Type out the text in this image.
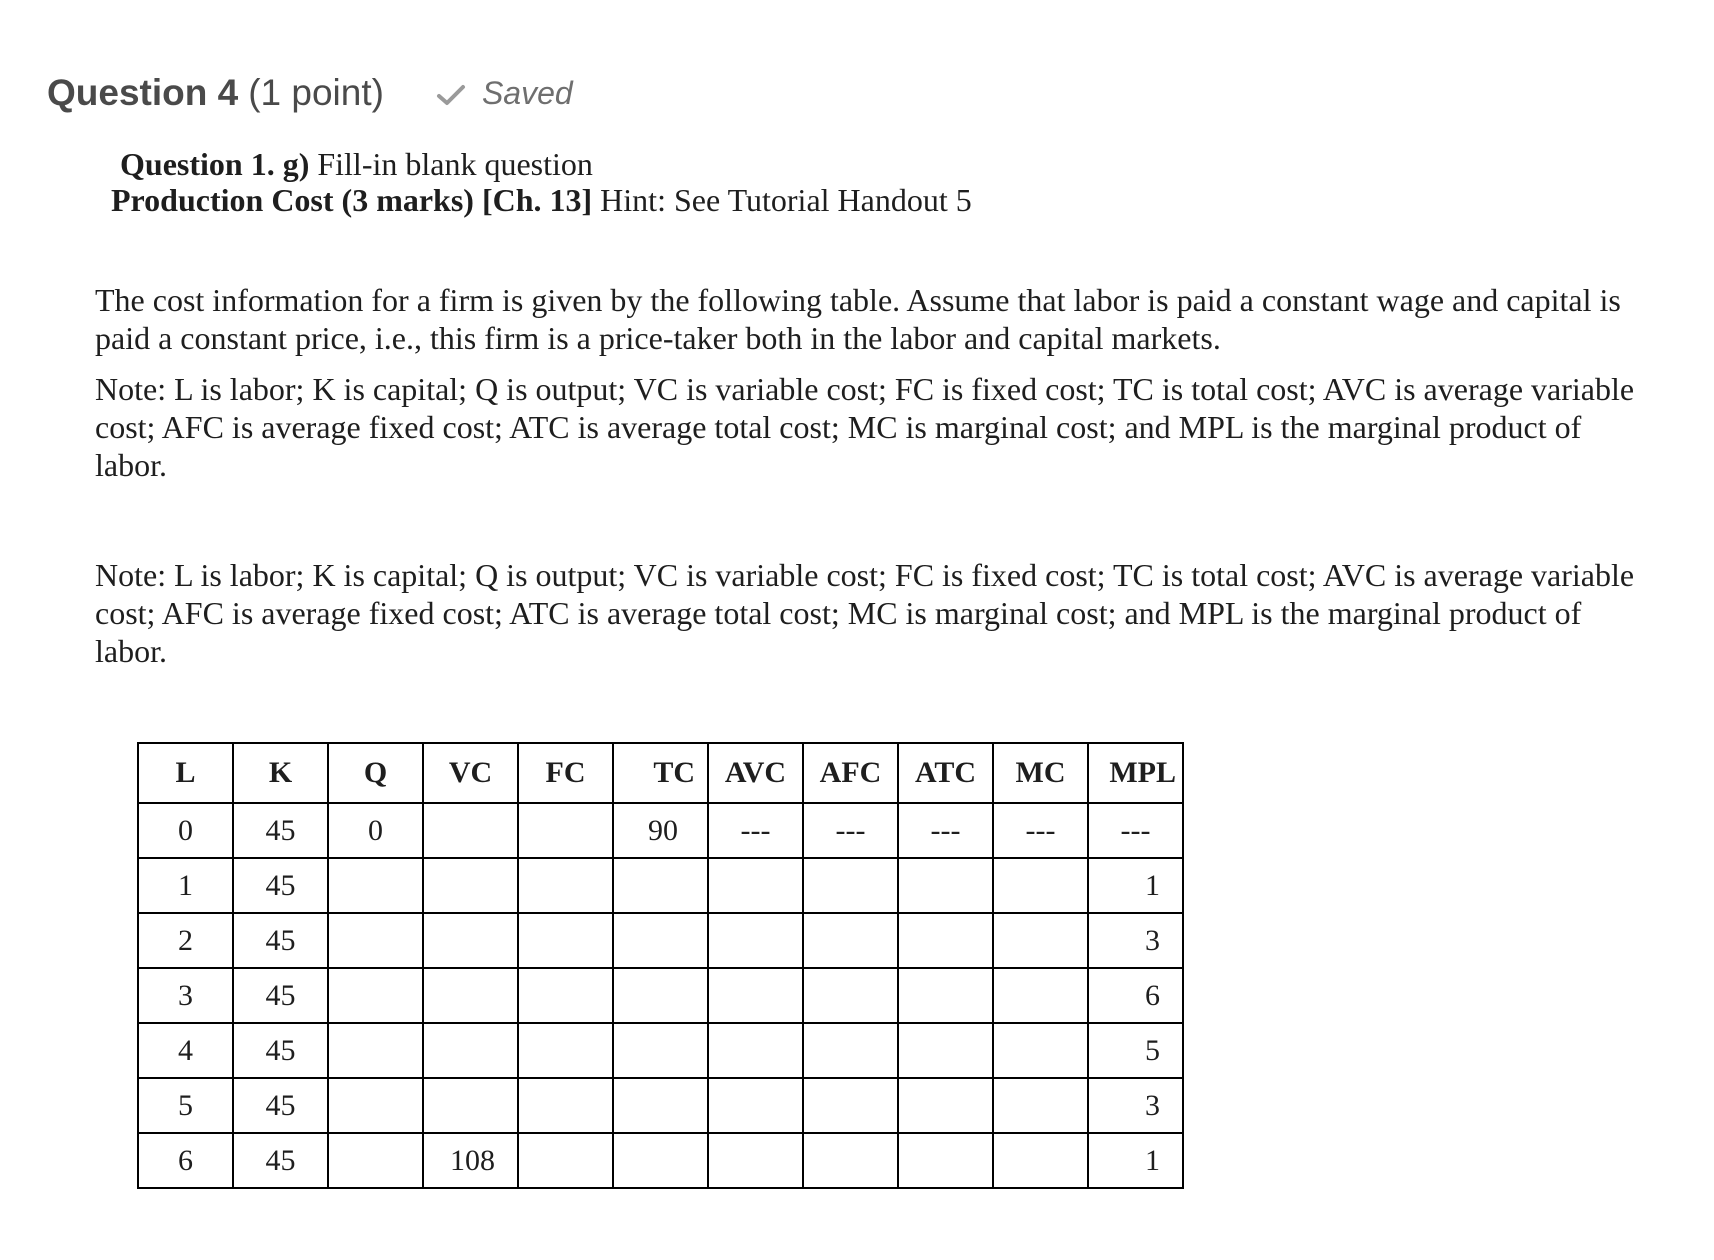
Question 4 (1 point)	Saved
Question 1. g) Fill-in blank question
Production Cost (3 marks) [Ch. 13] Hint: See Tutorial Handout 5

The cost information for a firm is given by the following table. Assume that labor is paid a constant wage and capital is paid a constant price, i.e., this firm is a price-taker both in the labor and capital markets.

Note: L is labor; K is capital; Q is output; VC is variable cost; FC is fixed cost; TC is total cost; AVC is average variable cost; AFC is average fixed cost; ATC is average total cost; MC is marginal cost; and MPL is the marginal product of labor.

Note: L is labor; K is capital; Q is output; VC is variable cost; FC is fixed cost; TC is total cost; AVC is average variable cost; AFC is average fixed cost; ATC is average total cost; MC is marginal cost; and MPL is the marginal product of labor.

L	K	Q	VC	FC	TC	AVC	AFC	ATC	MC	MPL
0	45	0			90	---	---	---	---	---
1	45									1
2	45									3
3	45									6
4	45									5
5	45									3
6	45		108							1
